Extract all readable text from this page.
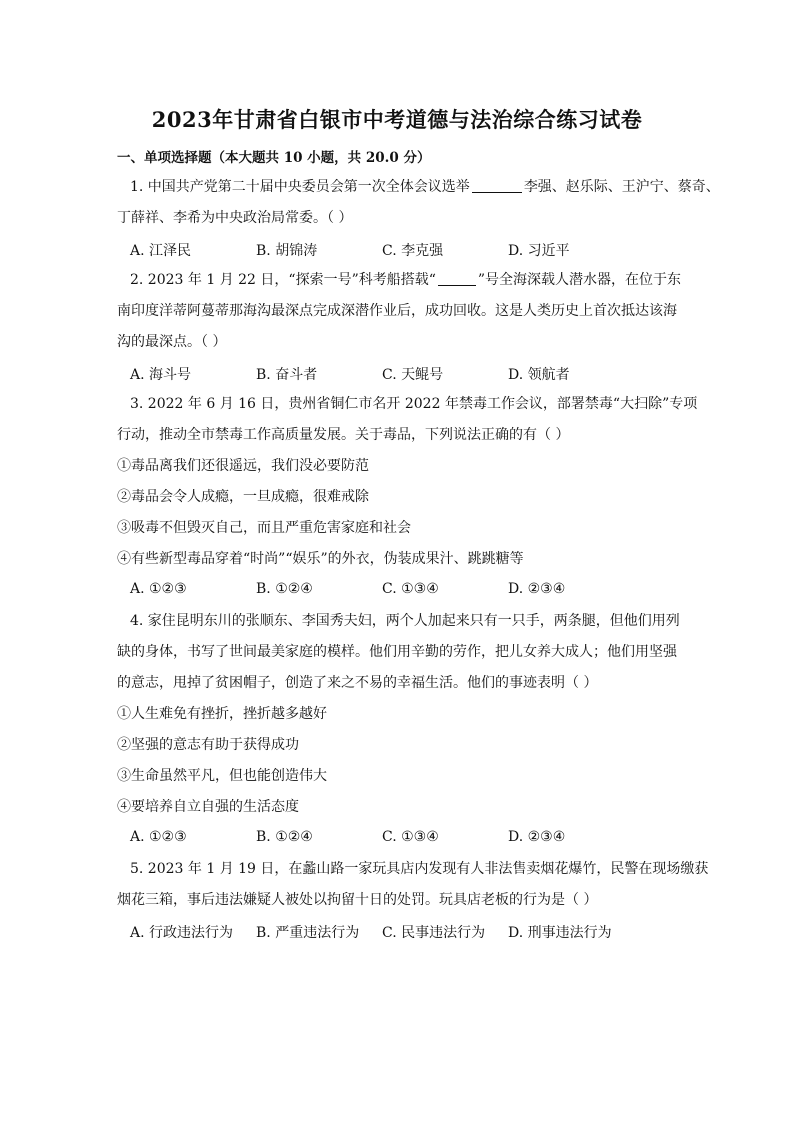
2023年甘肃省白银市中考道德与法治综合练习试卷
一、单项选择题（本大题共 10 小题，共 20.0 分）
1. 中国共产党第二十届中央委员会第一次全体会议选举	李强、赵乐际、王沪宁、蔡奇、
丁薛祥、李希为中央政治局常委。（ ）
A. 江泽民	B. 胡锦涛	C. 李克强	D. 习近平
2. 2023 年 1 月 22 日，“探索一号”科考船搭载“	”号全海深载人潜水器，在位于东
南印度洋蒂阿蔓蒂那海沟最深点完成深潜作业后，成功回收。这是人类历史上首次抵达该海
沟的最深点。（ ）
A. 海斗号	B. 奋斗者	C. 天鲲号	D. 领航者
3. 2022 年 6 月 16 日，贵州省铜仁市名开 2022 年禁毒工作会议，部署禁毒“大扫除”专项
行动，推动全市禁毒工作高质量发展。关于毒品，下列说法正确的有（ ）
①毒品离我们还很遥远，我们没必要防范
②毒品会令人成瘾，一旦成瘾，很难戒除
③吸毒不但毁灭自己，而且严重危害家庭和社会
④有些新型毒品穿着“时尚”“娱乐”的外衣，伪装成果汁、跳跳糖等
A. ①②③	B. ①②④	C. ①③④	D. ②③④
4. 家住昆明东川的张顺东、李国秀夫妇，两个人加起来只有一只手，两条腿，但他们用列
缺的身体，书写了世间最美家庭的模样。他们用辛勤的劳作，把儿女养大成人；他们用坚强
的意志，甩掉了贫困帽子，创造了来之不易的幸福生活。他们的事迹表明（ ）
①人生难免有挫折，挫折越多越好
②坚强的意志有助于获得成功
③生命虽然平凡，但也能创造伟大
④要培养自立自强的生活态度
A. ①②③	B. ①②④	C. ①③④	D. ②③④
5. 2023 年 1 月 19 日，在蠡山路一家玩具店内发现有人非法售卖烟花爆竹，民警在现场缴获
烟花三箱，事后违法嫌疑人被处以拘留十日的处罚。玩具店老板的行为是（ ）
A. 行政违法行为 B. 严重违法行为 C. 民事违法行为 D. 刑事违法行为
